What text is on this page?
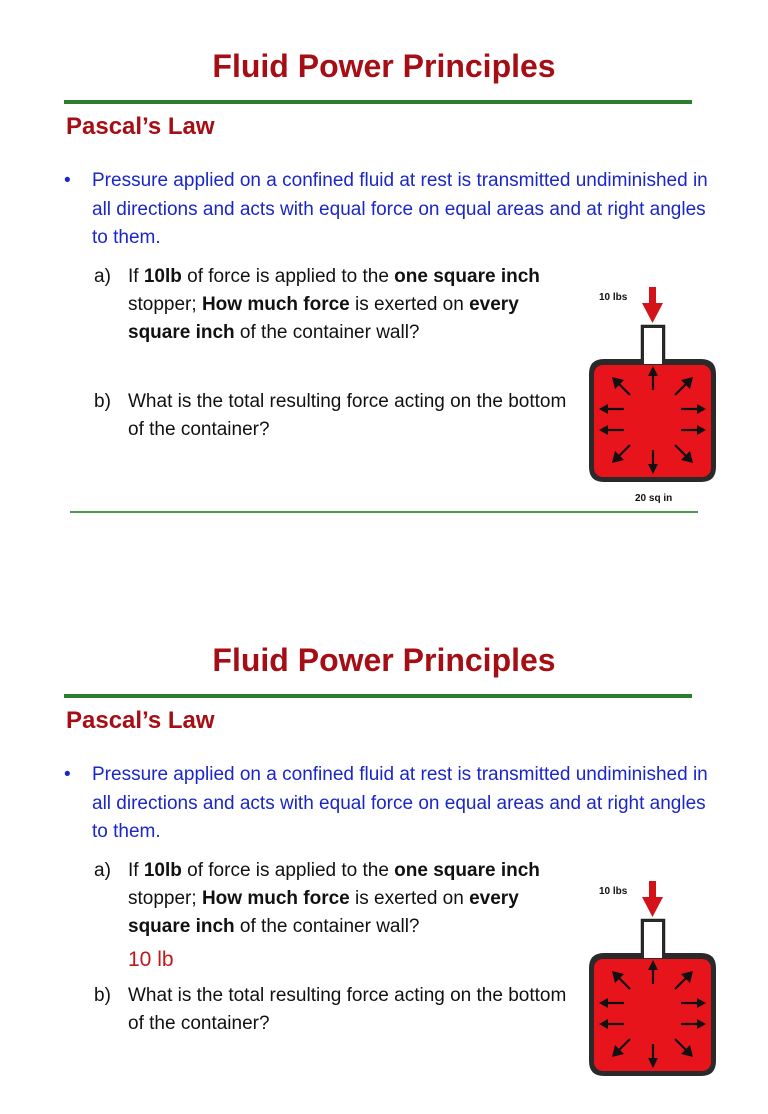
Fluid Power Principles
Pascal’s Law
• Pressure applied on a confined fluid at rest is transmitted undiminished in all directions and acts with equal force on equal areas and at right angles to them.
a) If 10lb of force is applied to the one square inch stopper; How much force is exerted on every square inch of the container wall?
b) What is the total resulting force acting on the bottom of the container?
10 lbs
20 sq in
Fluid Power Principles
Pascal’s Law
• Pressure applied on a confined fluid at rest is transmitted undiminished in all directions and acts with equal force on equal areas and at right angles to them.
a) If 10lb of force is applied to the one square inch stopper; How much force is exerted on every square inch of the container wall?
10 lb
b) What is the total resulting force acting on the bottom of the container?
10 lbs
